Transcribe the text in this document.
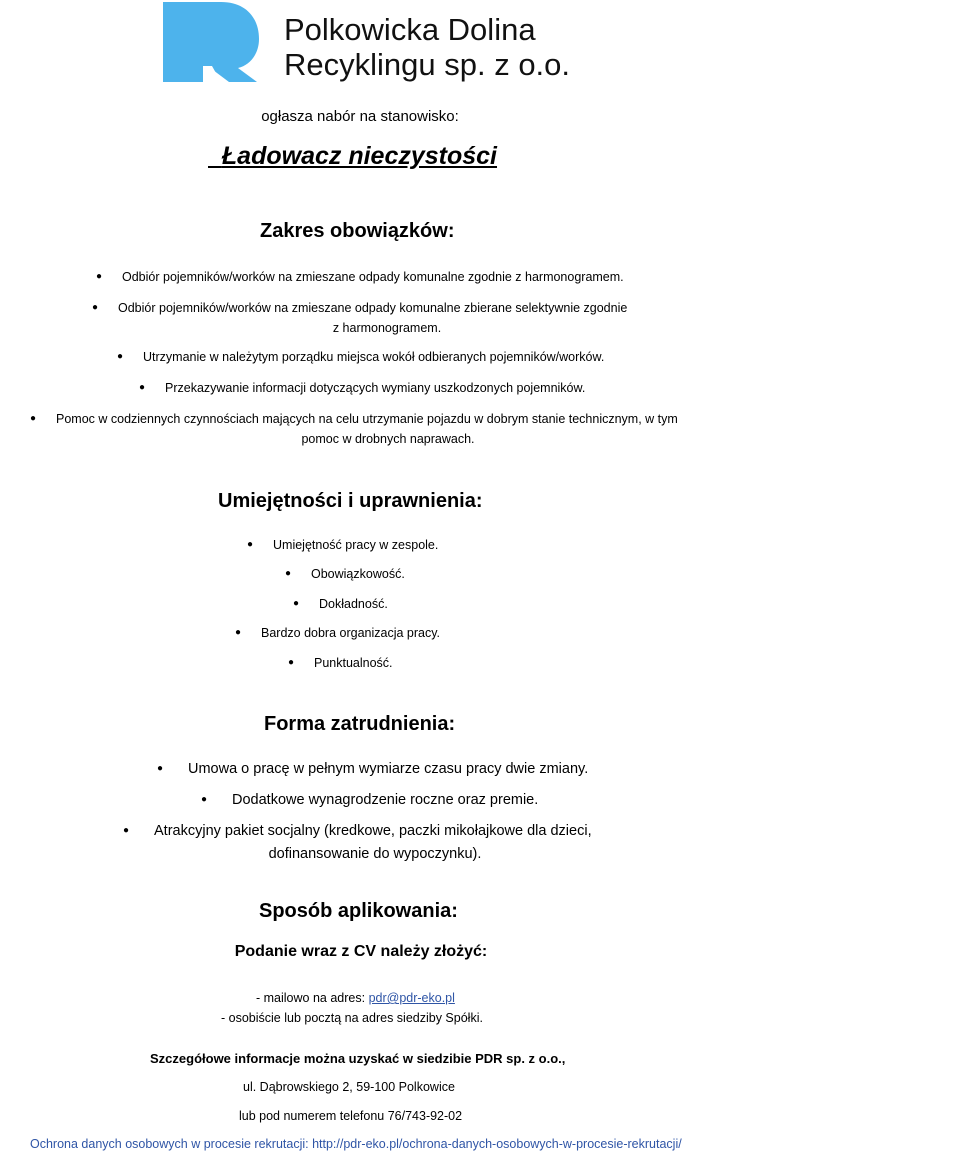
Polkowicka Dolina
Recyklingu sp. z o.o.
ogłasza nabór na stanowisko:
Ładowacz nieczystości
Zakres obowiązków:
● Odbiór pojemników/worków na zmieszane odpady komunalne zgodnie z harmonogramem.
● Odbiór pojemników/worków na zmieszane odpady komunalne zbierane selektywnie zgodnie
z harmonogramem.
● Utrzymanie w należytym porządku miejsca wokół odbieranych pojemników/worków.
● Przekazywanie informacji dotyczących wymiany uszkodzonych pojemników.
● Pomoc w codziennych czynnościach mających na celu utrzymanie pojazdu w dobrym stanie technicznym, w tym
pomoc w drobnych naprawach.
Umiejętności i uprawnienia:
● Umiejętność pracy w zespole.
● Obowiązkowość.
● Dokładność.
● Bardzo dobra organizacja pracy.
● Punktualność.
Forma zatrudnienia:
● Umowa o pracę w pełnym wymiarze czasu pracy dwie zmiany.
● Dodatkowe wynagrodzenie roczne oraz premie.
● Atrakcyjny pakiet socjalny (kredkowe, paczki mikołajkowe dla dzieci,
dofinansowanie do wypoczynku).
Sposób aplikowania:
Podanie wraz z CV należy złożyć:
- mailowo na adres: pdr@pdr-eko.pl
- osobiście lub pocztą na adres siedziby Spółki.
Szczegółowe informacje można uzyskać w siedzibie PDR sp. z o.o.,
ul. Dąbrowskiego 2, 59-100 Polkowice
lub pod numerem telefonu 76/743-92-02
Ochrona danych osobowych w procesie rekrutacji: http://pdr-eko.pl/ochrona-danych-osobowych-w-procesie-rekrutacji/
